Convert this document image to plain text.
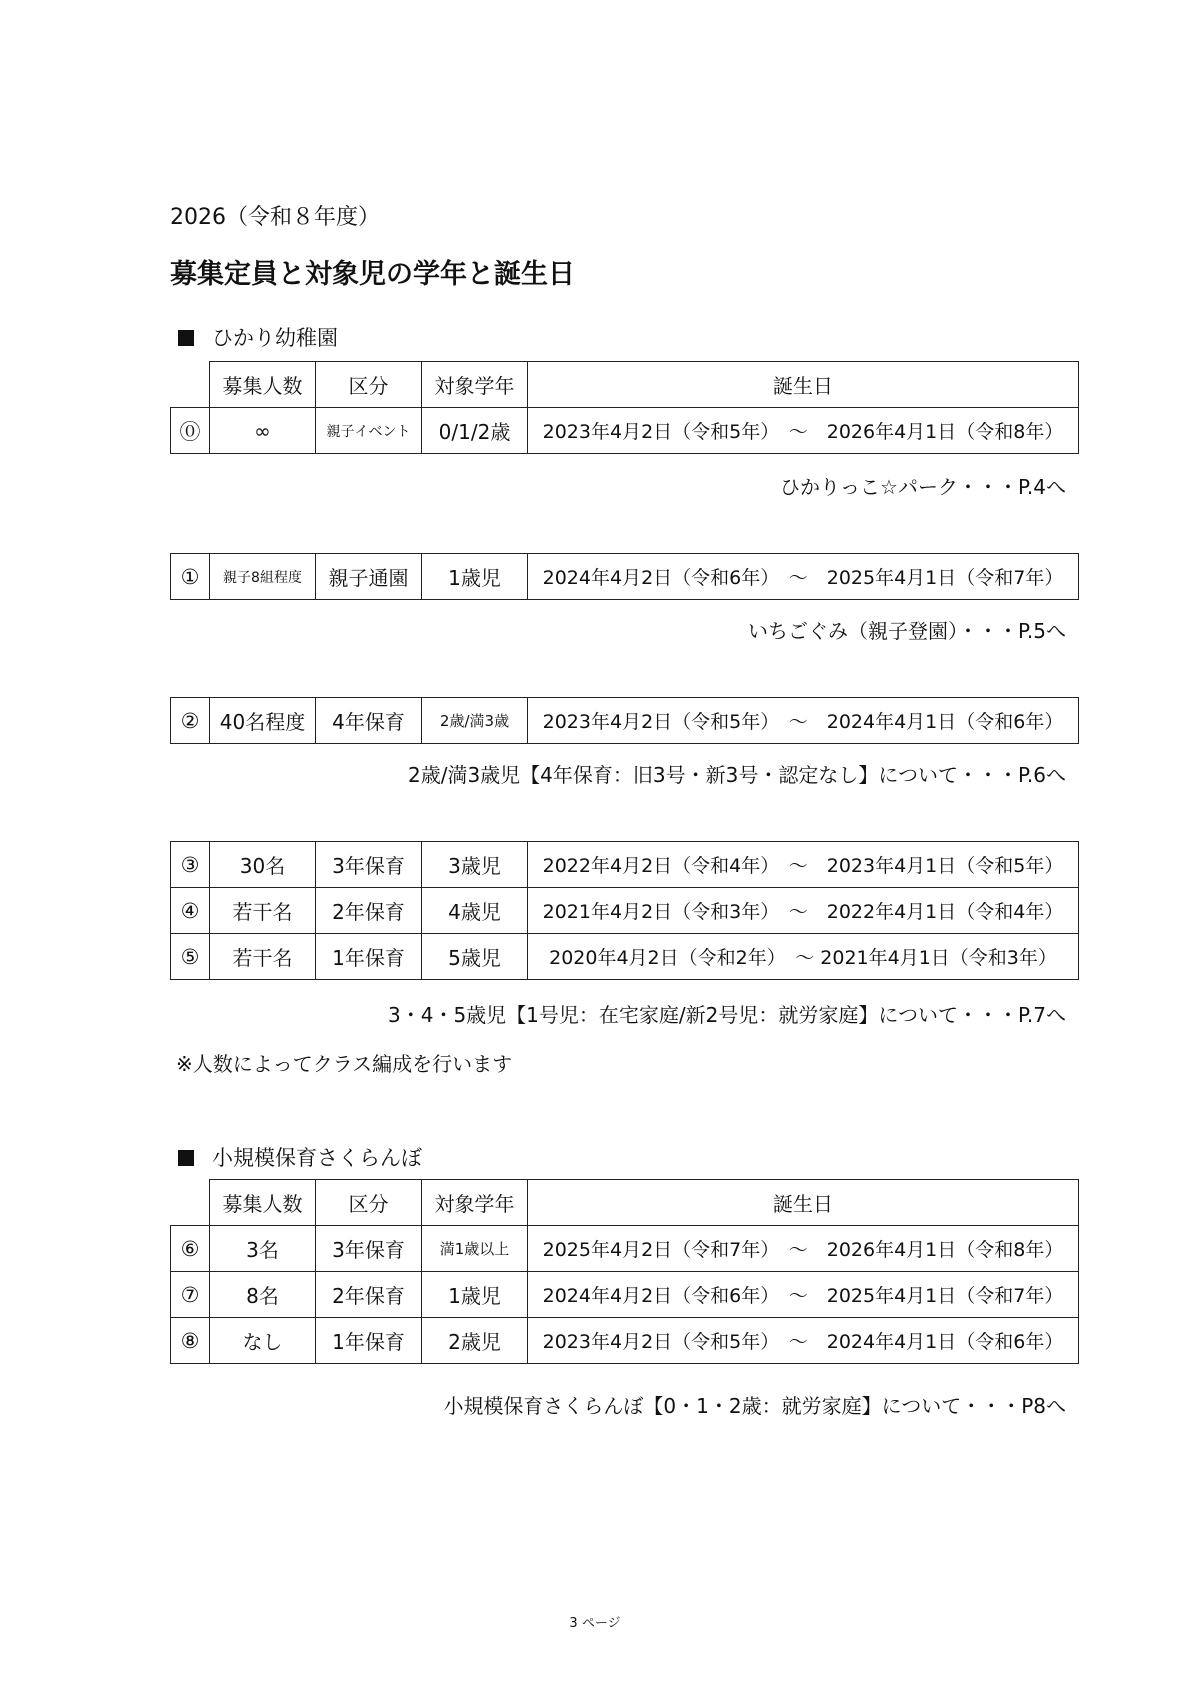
2026（令和８年度）
募集定員と対象児の学年と誕生日
ひかり幼稚園
	募集人数	区分	対象学年	誕生日
⓪	∞	親子イベント	0/1/2歳	2023年4月2日（令和5年）　～　2026年4月1日（令和8年）
ひかりっこ☆パーク・・・P.4へ
①	親子8組程度	親子通園	1歳児	2024年4月2日（令和6年）　～　2025年4月1日（令和7年）
いちごぐみ（親子登園）・・・P.5へ
②	40名程度	4年保育	2歳/満3歳	2023年4月2日（令和5年）　～　2024年4月1日（令和6年）
2歳/満3歳児【4年保育：旧3号・新3号・認定なし】について・・・P.6へ
③	30名	3年保育	3歳児	2022年4月2日（令和4年）　～　2023年4月1日（令和5年）
④	若干名	2年保育	4歳児	2021年4月2日（令和3年）　～　2022年4月1日（令和4年）
⑤	若干名	1年保育	5歳児	2020年4月2日（令和2年）　～ 2021年4月1日（令和3年）
3・4・5歳児【1号児：在宅家庭/新2号児：就労家庭】について・・・P.7へ
※人数によってクラス編成を行います
小規模保育さくらんぼ
	募集人数	区分	対象学年	誕生日
⑥	3名	3年保育	満1歳以上	2025年4月2日（令和7年）　～　2026年4月1日（令和8年）
⑦	8名	2年保育	1歳児	2024年4月2日（令和6年）　～　2025年4月1日（令和7年）
⑧	なし	1年保育	2歳児	2023年4月2日（令和5年）　～　2024年4月1日（令和6年）
小規模保育さくらんぼ【0・1・2歳：就労家庭】について・・・P8へ
3 ページ
